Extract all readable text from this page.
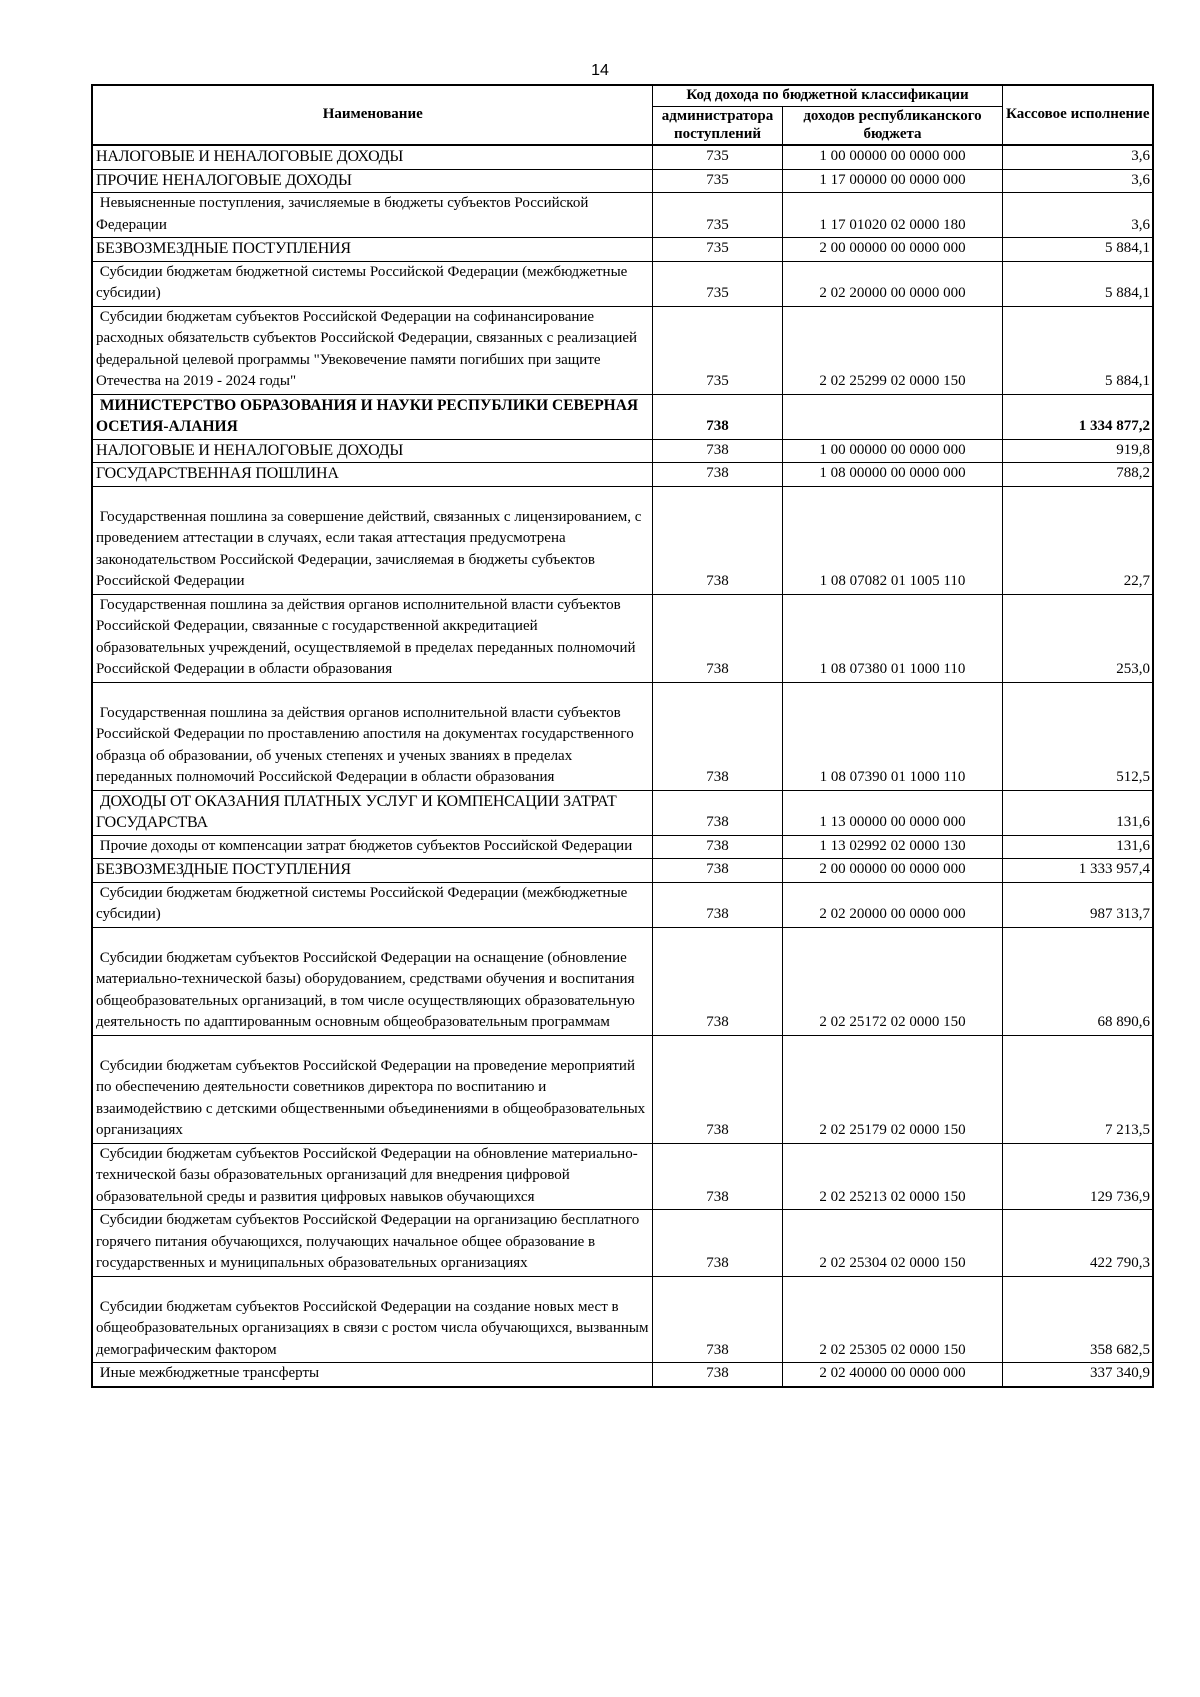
14
Наименование	Код дохода по бюджетной классификации		Кассовое исполнение
	администратора поступлений	доходов республиканского бюджета	
НАЛОГОВЫЕ И НЕНАЛОГОВЫЕ ДОХОДЫ	735	1 00 00000 00 0000 000	3,6
ПРОЧИЕ НЕНАЛОГОВЫЕ ДОХОДЫ	735	1 17 00000 00 0000 000	3,6
Невыясненные поступления, зачисляемые в бюджеты субъектов Российской Федерации	735	1 17 01020 02 0000 180	3,6
БЕЗВОЗМЕЗДНЫЕ ПОСТУПЛЕНИЯ	735	2 00 00000 00 0000 000	5 884,1
Субсидии бюджетам бюджетной системы Российской Федерации (межбюджетные субсидии)	735	2 02 20000 00 0000 000	5 884,1
Субсидии бюджетам субъектов Российской Федерации на софинансирование расходных обязательств субъектов Российской Федерации, связанных с реализацией федеральной целевой программы "Увековечение памяти погибших при защите Отечества на 2019 - 2024 годы"	735	2 02 25299 02 0000 150	5 884,1
МИНИСТЕРСТВО ОБРАЗОВАНИЯ И НАУКИ РЕСПУБЛИКИ СЕВЕРНАЯ ОСЕТИЯ-АЛАНИЯ	738		1 334 877,2
НАЛОГОВЫЕ И НЕНАЛОГОВЫЕ ДОХОДЫ	738	1 00 00000 00 0000 000	919,8
ГОСУДАРСТВЕННАЯ ПОШЛИНА	738	1 08 00000 00 0000 000	788,2
Государственная пошлина за совершение действий, связанных с лицензированием, с проведением аттестации в случаях, если такая аттестация предусмотрена законодательством Российской Федерации, зачисляемая в бюджеты субъектов Российской Федерации	738	1 08 07082 01 1005 110	22,7
Государственная пошлина за действия органов исполнительной власти субъектов Российской Федерации, связанные с государственной аккредитацией образовательных учреждений, осуществляемой в пределах переданных полномочий Российской Федерации в области образования	738	1 08 07380 01 1000 110	253,0
Государственная пошлина за действия органов исполнительной власти субъектов Российской Федерации по проставлению апостиля на документах государственного образца об образовании, об ученых степенях и ученых званиях в пределах переданных полномочий Российской Федерации в области образования	738	1 08 07390 01 1000 110	512,5
ДОХОДЫ ОТ ОКАЗАНИЯ ПЛАТНЫХ УСЛУГ И КОМПЕНСАЦИИ ЗАТРАТ ГОСУДАРСТВА	738	1 13 00000 00 0000 000	131,6
Прочие доходы от компенсации затрат бюджетов субъектов Российской Федерации	738	1 13 02992 02 0000 130	131,6
БЕЗВОЗМЕЗДНЫЕ ПОСТУПЛЕНИЯ	738	2 00 00000 00 0000 000	1 333 957,4
Субсидии бюджетам бюджетной системы Российской Федерации (межбюджетные субсидии)	738	2 02 20000 00 0000 000	987 313,7
Субсидии бюджетам субъектов Российской Федерации на оснащение (обновление материально-технической базы) оборудованием, средствами обучения и воспитания общеобразовательных организаций, в том числе осуществляющих образовательную деятельность по адаптированным основным общеобразовательным программам	738	2 02 25172 02 0000 150	68 890,6
Субсидии бюджетам субъектов Российской Федерации на проведение мероприятий по обеспечению деятельности советников директора по воспитанию и взаимодействию с детскими общественными объединениями в общеобразовательных организациях	738	2 02 25179 02 0000 150	7 213,5
Субсидии бюджетам субъектов Российской Федерации на обновление материально-технической базы образовательных организаций для внедрения цифровой образовательной среды и развития цифровых навыков обучающихся	738	2 02 25213 02 0000 150	129 736,9
Субсидии бюджетам субъектов Российской Федерации на организацию бесплатного горячего питания обучающихся, получающих начальное общее образование в государственных и муниципальных образовательных организациях	738	2 02 25304 02 0000 150	422 790,3
Субсидии бюджетам субъектов Российской Федерации на создание новых мест в общеобразовательных организациях в связи с ростом числа обучающихся, вызванным демографическим фактором	738	2 02 25305 02 0000 150	358 682,5
Иные межбюджетные трансферты	738	2 02 40000 00 0000 000	337 340,9
